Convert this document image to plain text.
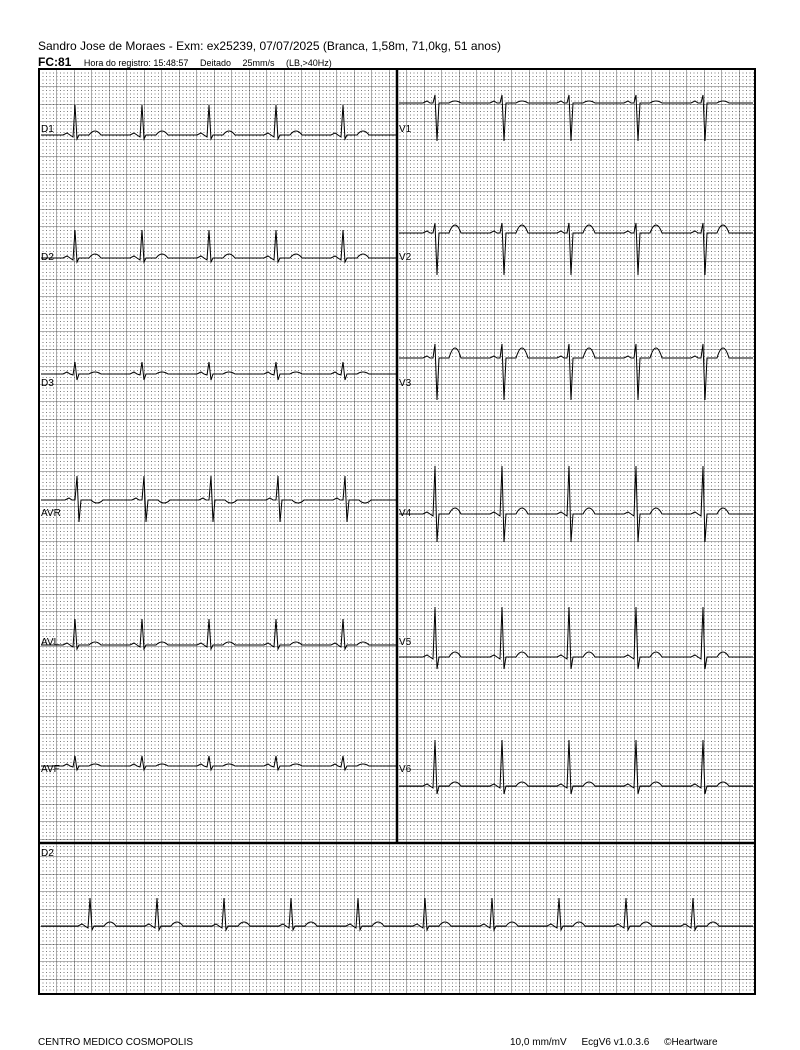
Sandro Jose de Moraes - Exm: ex25239, 07/07/2025 (Branca, 1,58m, 71,0kg, 51 anos)
FC:81 Hora do registro: 15:48:57 Deitado 25mm/s (LB,>40Hz)
D1
D2
D3
AVR
AVL
AVF
V1
V2
V3
V4
V5
V6
D2
CENTRO MEDICO COSMOPOLIS	10,0 mm/mV EcgV6 v1.0.3.6 ©Heartware
